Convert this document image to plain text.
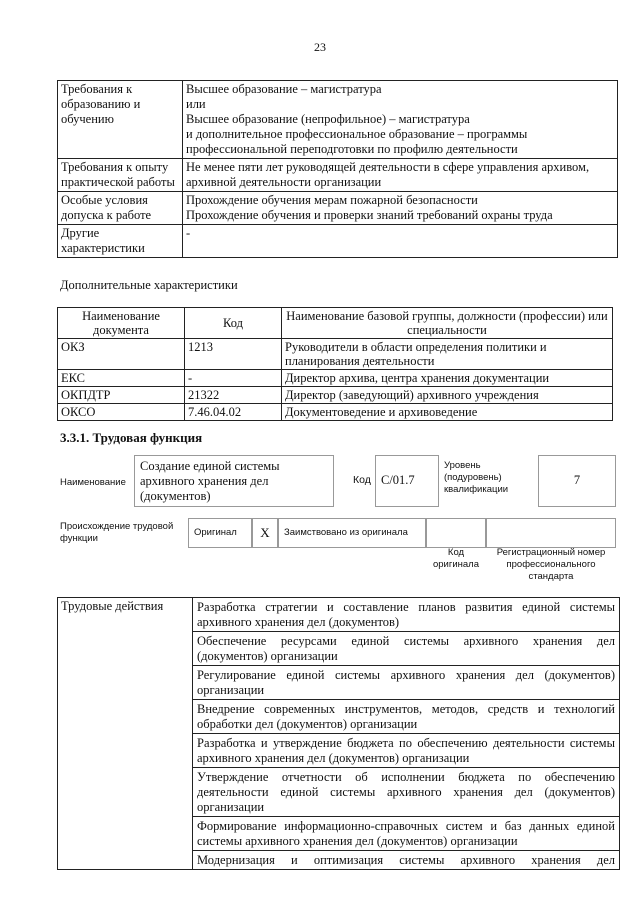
23
Требования к образованию и обучению	Высшее образование – магистратура
или
Высшее образование (непрофильное) – магистратура
и дополнительное профессиональное образование – программы
профессиональной переподготовки по профилю деятельности

Требования к опыту практической работы	Не менее пяти лет руководящей деятельности в сфере управления архивом,
архивной деятельности организации

Особые условия допуска к работе	Прохождение обучения мерам пожарной безопасности
Прохождение обучения и проверки знаний требований охраны труда

Другие характеристики	-
Дополнительные характеристики
Наименование документа	Код	Наименование базовой группы, должности (профессии) или специальности
ОКЗ	1213	Руководители в области определения политики и планирования деятельности
ЕКС	-	Директор архива, центра хранения документации
ОКПДТР	21322	Директор (заведующий) архивного учреждения
ОКСО	7.46.04.02	Документоведение и архивоведение
3.3.1. Трудовая функция
Наименование
Создание единой системы архивного хранения дел (документов)
Код C/01.7
Уровень (подуровень) квалификации
7
Происхождение трудовой функции
Оригинал	X	Заимствовано из оригинала
Код оригинала
Регистрационный номер профессионального стандарта
Трудовые действия	Разработка стратегии и составление планов развития единой системы архивного хранения дел (документов)
Обеспечение ресурсами единой системы архивного хранения дел (документов) организации
Регулирование единой системы архивного хранения дел (документов) организации
Внедрение современных инструментов, методов, средств и технологий обработки дел (документов) организации
Разработка и утверждение бюджета по обеспечению деятельности системы архивного хранения дел (документов) организации
Утверждение отчетности об исполнении бюджета по обеспечению деятельности единой системы архивного хранения дел (документов) организации
Формирование информационно-справочных систем и баз данных единой системы архивного хранения дел (документов) организации
Модернизация и оптимизация системы архивного хранения дел
